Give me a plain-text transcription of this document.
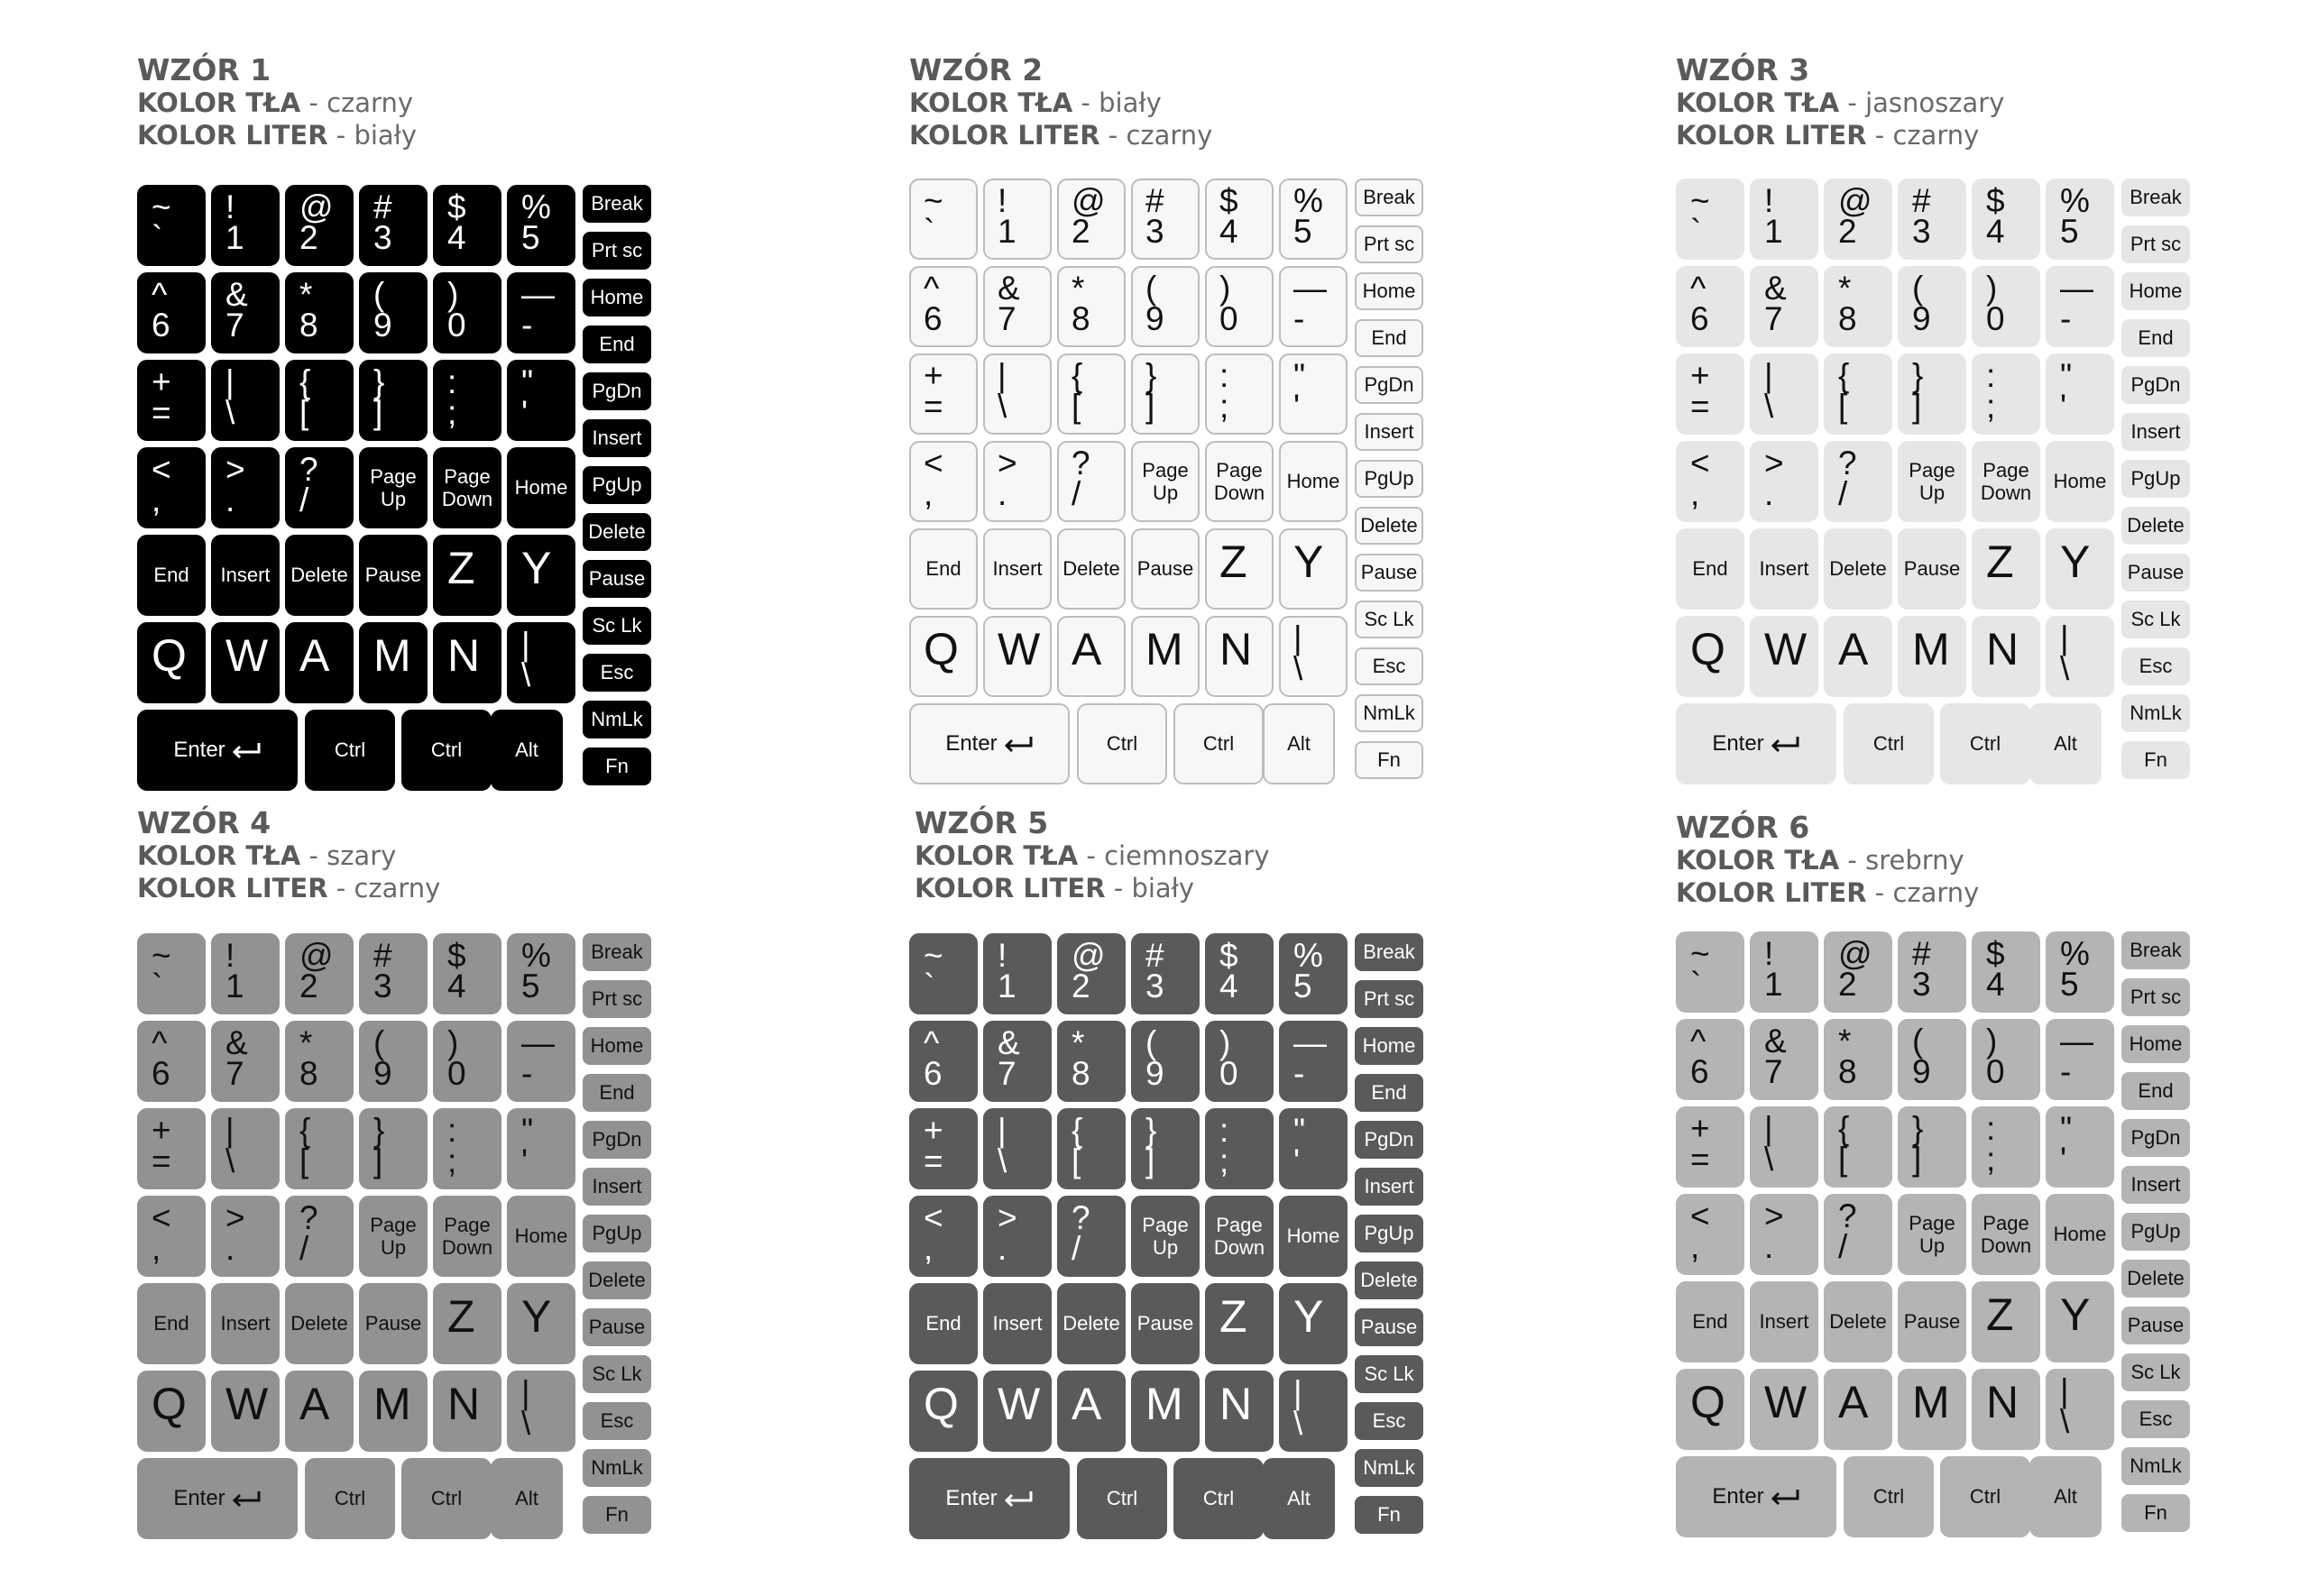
WZÓR 1
KOLOR TŁA - czarny
KOLOR LITER - biały
~
`
!
1
@
2
#
3
$
4
%
5
^
6
&
7
*
8
(
9
)
0
—
-
+
=
|
\
{
[
}
]
:
;
"
'
<
,
>
.
?
/
Page
Up
Page
Down
Home
End	Insert	Delete Pause Z Y
Q W A M N |
\
Enter	Ctrl	Ctrl	Alt
Break
Prt sc
Home
End
PgDn
Insert
PgUp
Delete
Pause
Sc Lk
Esc
NmLk
Fn
WZÓR 2
KOLOR TŁA - biały
KOLOR LITER - czarny
~
`
!
1
@
2
#
3
$
4
%
5
^
6
&
7
*
8
(
9
)
0
—
-
+
=
|
\
{
[
}
]
:
;
"
'
<
,
>
.
?
/
Page
Up
Page
Down
Home
End	Insert	Delete Pause Z Y
Q W A M N |
\
Enter	Ctrl	Ctrl	Alt
Break
Prt sc
Home
End
PgDn
Insert
PgUp
Delete
Pause
Sc Lk
Esc
NmLk
Fn
WZÓR 3
KOLOR TŁA - jasnoszary
KOLOR LITER - czarny
~
`
!
1
@
2
#
3
$
4
%
5
^
6
&
7
*
8
(
9
)
0
—
-
+
=
|
\
{
[
}
]
:
;
"
'
<
,
>
.
?
/
Page
Up
Page
Down
Home
End	Insert	Delete Pause Z Y
Q W A M N |
\
Enter	Ctrl	Ctrl	Alt
Break
Prt sc
Home
End
PgDn
Insert
PgUp
Delete
Pause
Sc Lk
Esc
NmLk
Fn
WZÓR 4
KOLOR TŁA - szary
KOLOR LITER - czarny
~
`
!
1
@
2
#
3
$
4
%
5
^
6
&
7
*
8
(
9
)
0
—
-
+
=
|
\
{
[
}
]
:
;
"
'
<
,
>
.
?
/
Page
Up
Page
Down
Home
End	Insert	Delete Pause Z Y
Q W A M N |
\
Enter	Ctrl	Ctrl	Alt
Break
Prt sc
Home
End
PgDn
Insert
PgUp
Delete
Pause
Sc Lk
Esc
NmLk
Fn
WZÓR 5
KOLOR TŁA - ciemnoszary
KOLOR LITER - biały
~
`
!
1
@
2
#
3
$
4
%
5
^
6
&
7
*
8
(
9
)
0
—
-
+
=
|
\
{
[
}
]
:
;
"
'
<
,
>
.
?
/
Page
Up
Page
Down
Home
End	Insert	Delete Pause Z Y
Q W A M N |
\
Enter	Ctrl	Ctrl	Alt
Break
Prt sc
Home
End
PgDn
Insert
PgUp
Delete
Pause
Sc Lk
Esc
NmLk
Fn
WZÓR 6
KOLOR TŁA - srebrny
KOLOR LITER - czarny
~
`
!
1
@
2
#
3
$
4
%
5
^
6
&
7
*
8
(
9
)
0
—
-
+
=
|
\
{
[
}
]
:
;
"
'
<
,
>
.
?
/
Page
Up
Page
Down
Home
End	Insert	Delete Pause Z Y
Q W A M N |
\
Enter	Ctrl	Ctrl	Alt
Break
Prt sc
Home
End
PgDn
Insert
PgUp
Delete
Pause
Sc Lk
Esc
NmLk
Fn
